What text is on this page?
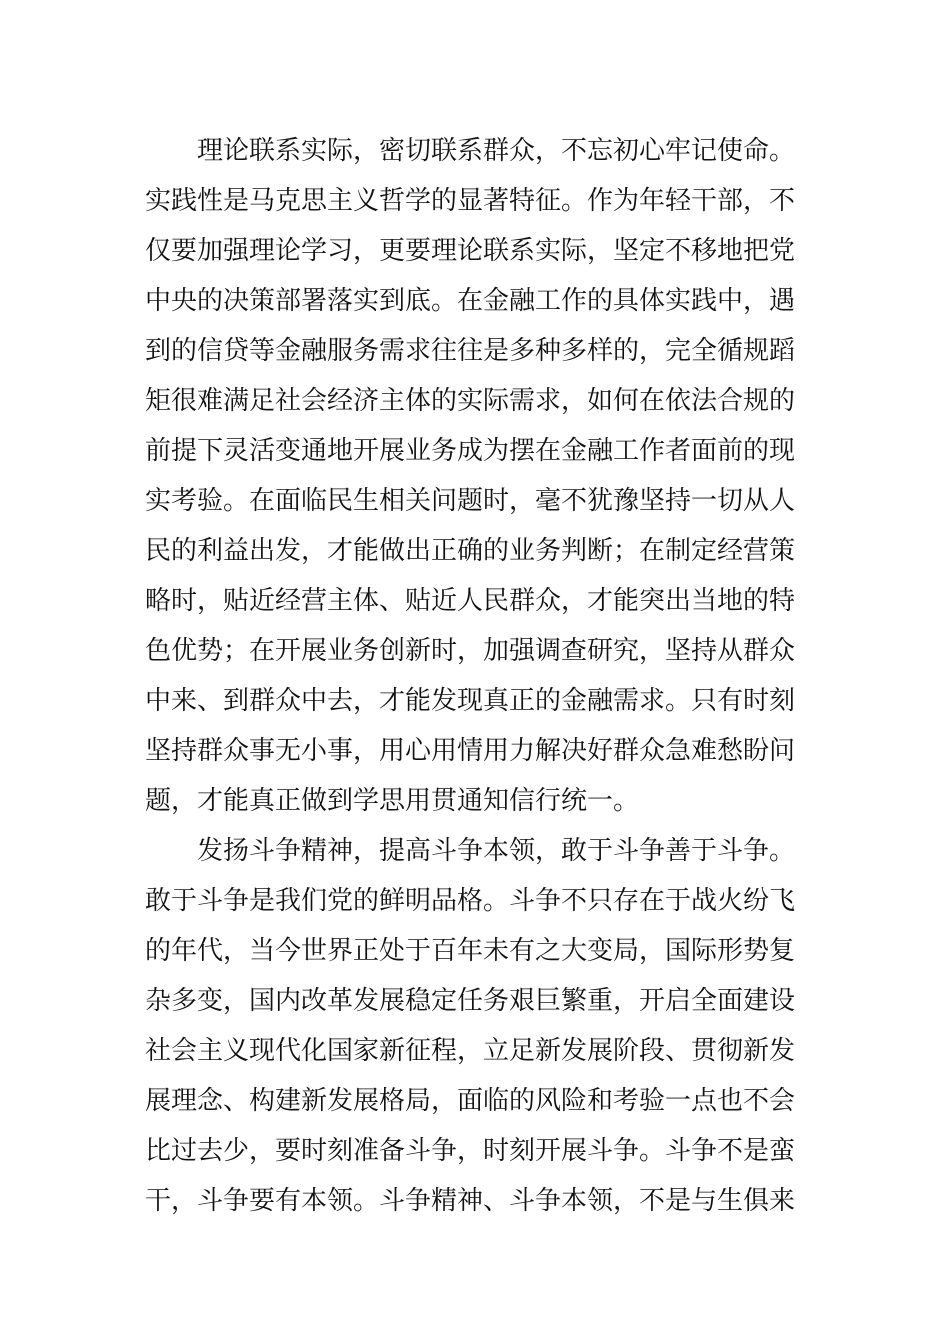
理论联系实际，密切联系群众，不忘初心牢记使命。
实践性是马克思主义哲学的显著特征。作为年轻干部，不
仅要加强理论学习，更要理论联系实际，坚定不移地把党
中央的决策部署落实到底。在金融工作的具体实践中，遇
到的信贷等金融服务需求往往是多种多样的，完全循规蹈
矩很难满足社会经济主体的实际需求，如何在依法合规的
前提下灵活变通地开展业务成为摆在金融工作者面前的现
实考验。在面临民生相关问题时，毫不犹豫坚持一切从人
民的利益出发，才能做出正确的业务判断；在制定经营策
略时，贴近经营主体、贴近人民群众，才能突出当地的特
色优势；在开展业务创新时，加强调查研究，坚持从群众
中来、到群众中去，才能发现真正的金融需求。只有时刻
坚持群众事无小事，用心用情用力解决好群众急难愁盼问
题，才能真正做到学思用贯通知信行统一。
发扬斗争精神，提高斗争本领，敢于斗争善于斗争。
敢于斗争是我们党的鲜明品格。斗争不只存在于战火纷飞
的年代，当今世界正处于百年未有之大变局，国际形势复
杂多变，国内改革发展稳定任务艰巨繁重，开启全面建设
社会主义现代化国家新征程，立足新发展阶段、贯彻新发
展理念、构建新发展格局，面临的风险和考验一点也不会
比过去少，要时刻准备斗争，时刻开展斗争。斗争不是蛮
干，斗争要有本领。斗争精神、斗争本领，不是与生俱来
